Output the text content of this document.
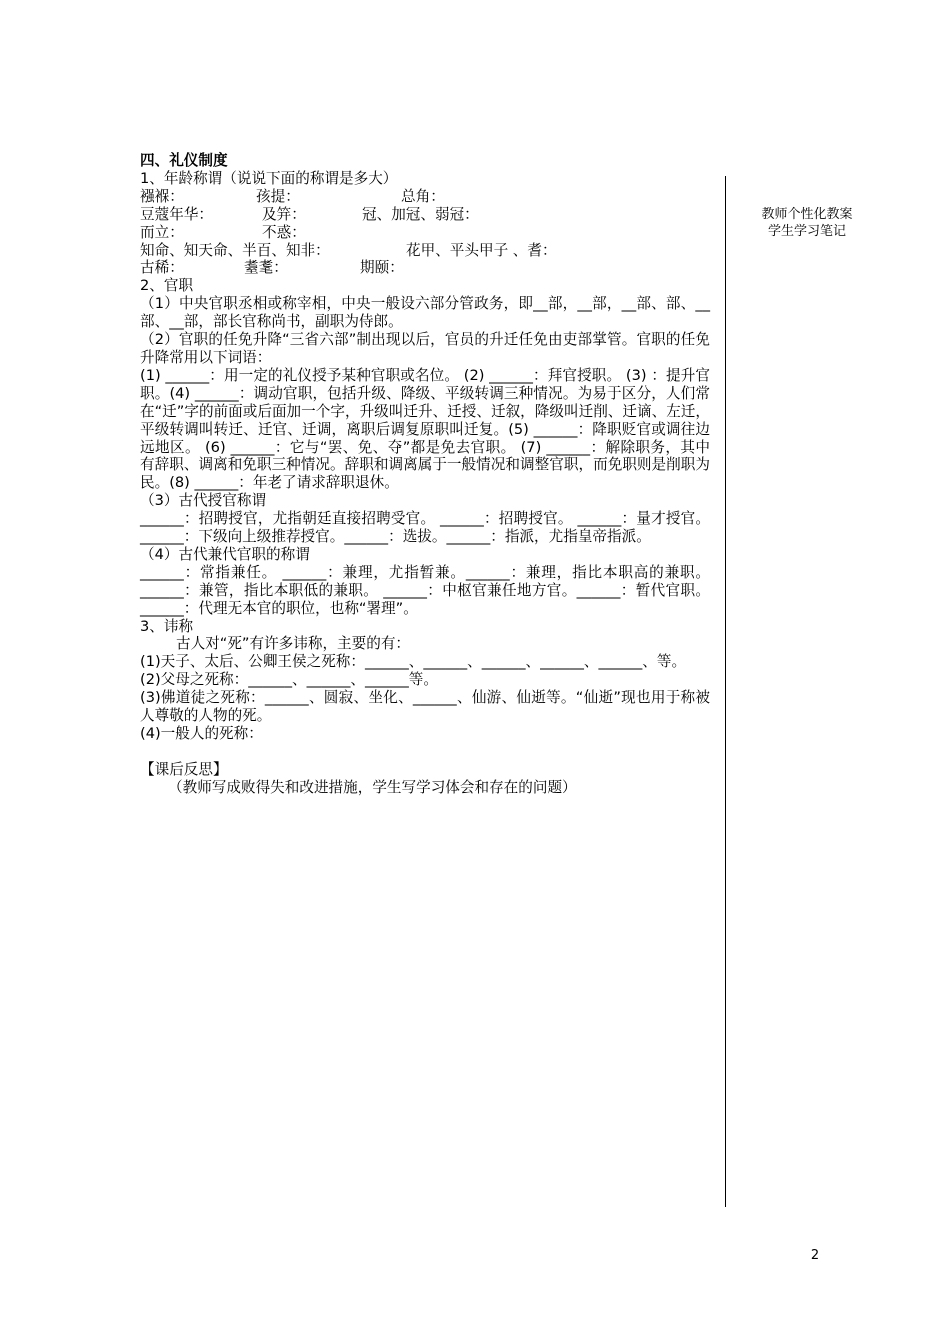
四、礼仪制度

1、年龄称谓（说说下面的称谓是多大）

襁褓：	孩提：	总角：

豆蔻年华：	及笄：	冠、加冠、弱冠：

而立：	不惑：

知命、知天命、半百、知非：	花甲、平头甲子 、耆：

古稀：	耋耄：	期颐：

2、官职

（1）中央官职丞相或称宰相，中央一般设六部分管政务，即__部，__部，__部、部、__部、__部，部长官称尚书，副职为侍郎。

（2）官职的任免升降“三省六部”制出现以后，官员的升迁任免由吏部掌管。官职的任免升降常用以下词语：

(1) ______：用一定的礼仪授予某种官职或名位。 (2) ______：拜官授职。 (3) ：提升官职。(4) ______：调动官职，包括升级、降级、平级转调三种情况。为易于区分，人们常在“迁”字的前面或后面加一个字，升级叫迁升、迁授、迁叙，降级叫迁削、迁谪、左迁，平级转调叫转迁、迁官、迁调，离职后调复原职叫迁复。(5) ______：降职贬官或调往边远地区。 (6) ______：它与“罢、免、夺”都是免去官职。 (7) ______：解除职务，其中有辞职、调离和免职三种情况。辞职和调离属于一般情况和调整官职，而免职则是削职为民。(8) ______：年老了请求辞职退休。

（3）古代授官称谓

______：招聘授官，尤指朝廷直接招聘受官。 ______：招聘授官。 ______：量才授官。______：下级向上级推荐授官。______：选拔。______：指派，尤指皇帝指派。

（4）古代兼代官职的称谓

______：常指兼任。 ______：兼理，尤指暂兼。______：兼理，指比本职高的兼职。______：兼管，指比本职低的兼职。 ______：中枢官兼任地方官。______：暂代官职。 ______：代理无本官的职位，也称“署理”。

3、讳称

古人对“死”有许多讳称，主要的有：

(1)天子、太后、公卿王侯之死称：______、______、______、______、______、等。

(2)父母之死称：______、______、______等。

(3)佛道徒之死称：______、圆寂、坐化、______、仙游、仙逝等。“仙逝”现也用于称被人尊敬的人物的死。

(4)一般人的死称：

【课后反思】

（教师写成败得失和改进措施，学生写学习体会和存在的问题）

教师个性化教案
学生学习笔记
2
